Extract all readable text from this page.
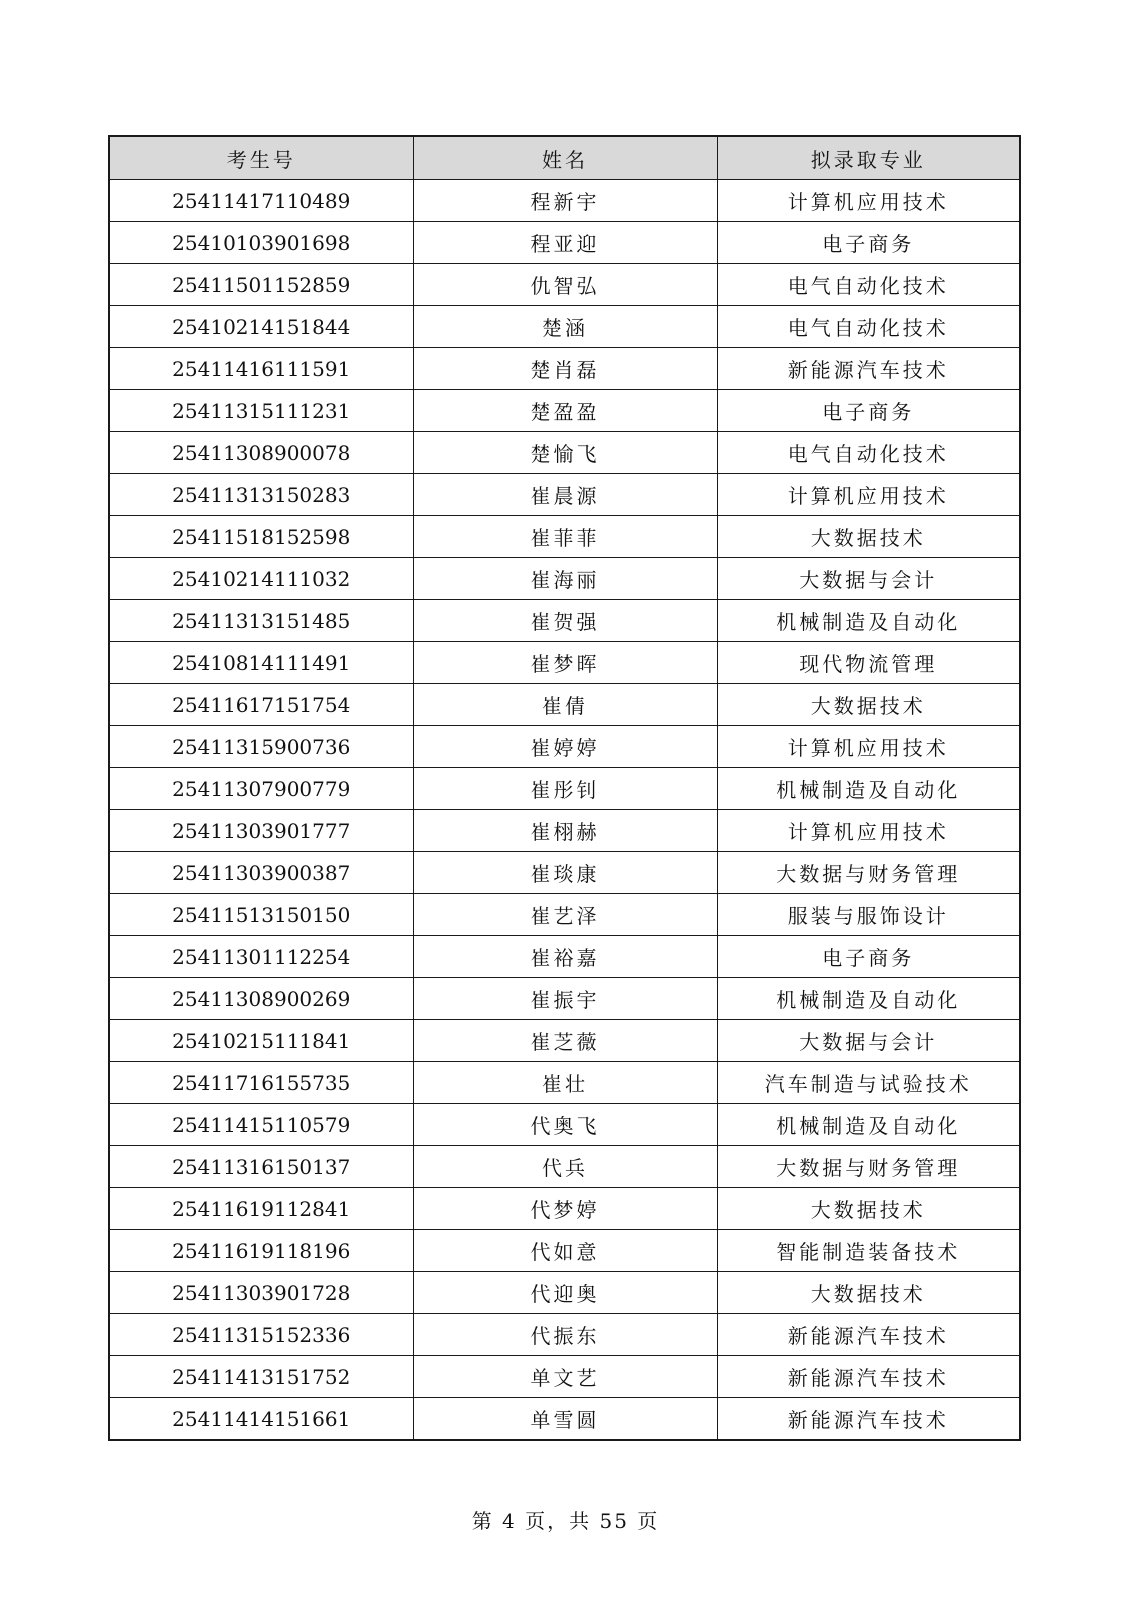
考生号	姓名	拟录取专业
25411417110489	程新宇	计算机应用技术
25410103901698	程亚迎	电子商务
25411501152859	仇智弘	电气自动化技术
25410214151844	楚涵	电气自动化技术
25411416111591	楚肖磊	新能源汽车技术
25411315111231	楚盈盈	电子商务
25411308900078	楚愉飞	电气自动化技术
25411313150283	崔晨源	计算机应用技术
25411518152598	崔菲菲	大数据技术
25410214111032	崔海丽	大数据与会计
25411313151485	崔贺强	机械制造及自动化
25410814111491	崔梦晖	现代物流管理
25411617151754	崔倩	大数据技术
25411315900736	崔婷婷	计算机应用技术
25411307900779	崔彤钊	机械制造及自动化
25411303901777	崔栩赫	计算机应用技术
25411303900387	崔琰康	大数据与财务管理
25411513150150	崔艺泽	服装与服饰设计
25411301112254	崔裕嘉	电子商务
25411308900269	崔振宇	机械制造及自动化
25410215111841	崔芝薇	大数据与会计
25411716155735	崔壮	汽车制造与试验技术
25411415110579	代奥飞	机械制造及自动化
25411316150137	代兵	大数据与财务管理
25411619112841	代梦婷	大数据技术
25411619118196	代如意	智能制造装备技术
25411303901728	代迎奥	大数据技术
25411315152336	代振东	新能源汽车技术
25411413151752	单文艺	新能源汽车技术
25411414151661	单雪圆	新能源汽车技术
第 4 页，共 55 页
